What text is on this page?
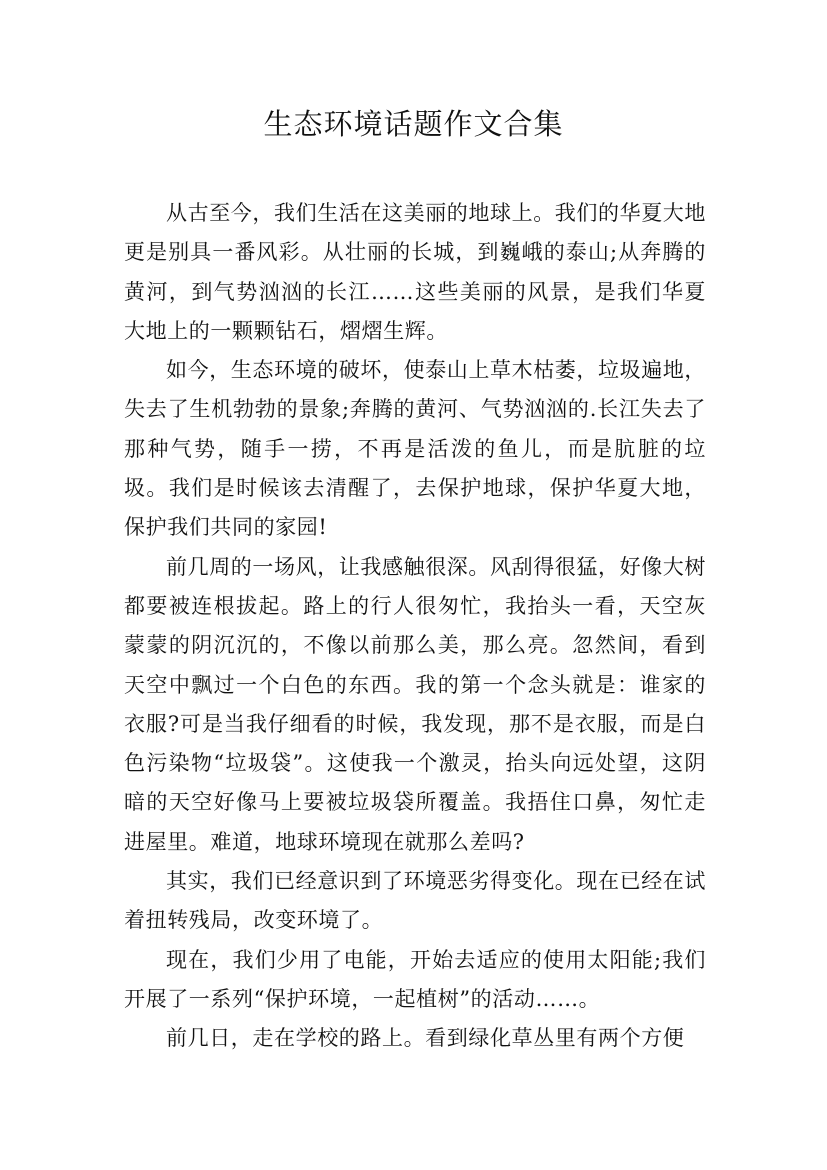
生态环境话题作文合集

从古至今，我们生活在这美丽的地球上。我们的华夏大地更是别具一番风彩。从壮丽的长城，到巍峨的泰山;从奔腾的黄河，到气势汹汹的长江……这些美丽的风景，是我们华夏大地上的一颗颗钻石，熠熠生辉。

如今，生态环境的破坏，使泰山上草木枯萎，垃圾遍地，失去了生机勃勃的景象;奔腾的黄河、气势汹汹的.长江失去了那种气势，随手一捞，不再是活泼的鱼儿，而是肮脏的垃圾。我们是时候该去清醒了，去保护地球，保护华夏大地，保护我们共同的家园!

前几周的一场风，让我感触很深。风刮得很猛，好像大树都要被连根拔起。路上的行人很匆忙，我抬头一看，天空灰蒙蒙的阴沉沉的，不像以前那么美，那么亮。忽然间，看到天空中飘过一个白色的东西。我的第一个念头就是：谁家的衣服?可是当我仔细看的时候，我发现，那不是衣服，而是白色污染物“垃圾袋”。这使我一个激灵，抬头向远处望，这阴暗的天空好像马上要被垃圾袋所覆盖。我捂住口鼻，匆忙走进屋里。难道，地球环境现在就那么差吗?

其实，我们已经意识到了环境恶劣得变化。现在已经在试着扭转残局，改变环境了。

现在，我们少用了电能，开始去适应的使用太阳能;我们开展了一系列“保护环境，一起植树”的活动……。

前几日，走在学校的路上。看到绿化草丛里有两个方便
